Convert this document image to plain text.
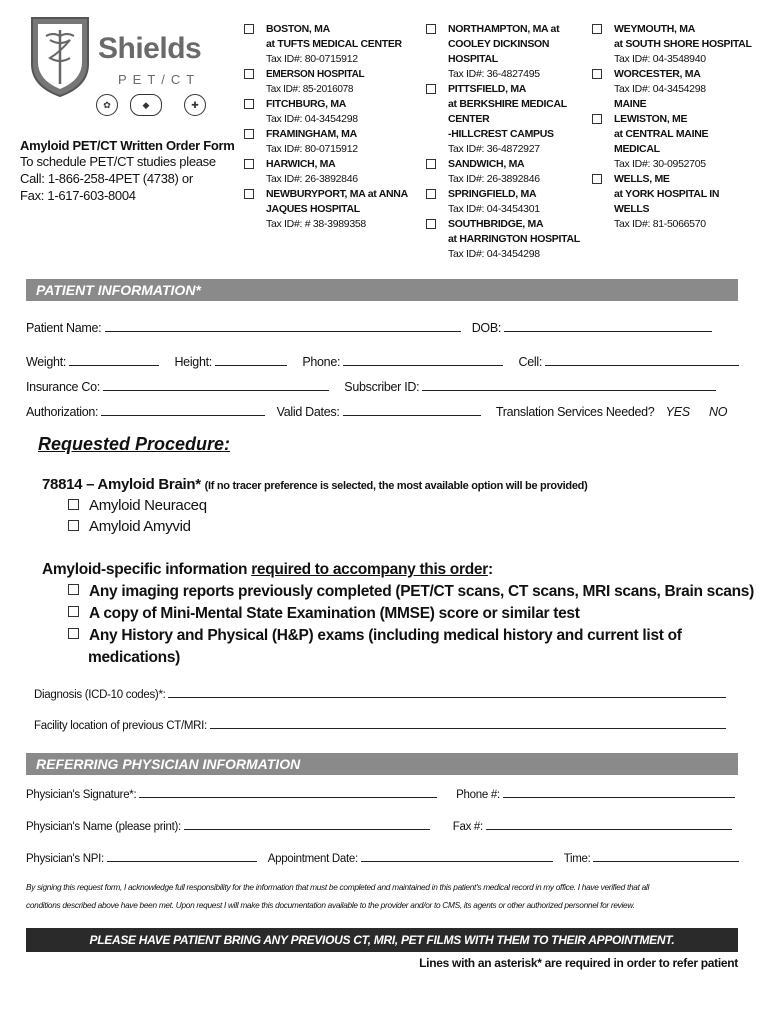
Shields
PET/CT
✿	◆	✚
Amyloid PET/CT Written Order Form
To schedule PET/CT studies please
Call: 1-866-258-4PET (4738) or
Fax: 1-617-603-8004
BOSTON, MA
at TUFTS MEDICAL CENTER
Tax ID#: 80-0715912
EMERSON HOSPITAL
Tax ID#: 85-2016078
FITCHBURG, MA
Tax ID#: 04-3454298
FRAMINGHAM, MA
Tax ID#: 80-0715912
HARWICH, MA
Tax ID#: 26-3892846
NEWBURYPORT, MA at ANNA
JAQUES HOSPITAL
Tax ID#: # 38-3989358
NORTHAMPTON, MA at
COOLEY DICKINSON
HOSPITAL
Tax ID#: 36-4827495
PITTSFIELD, MA
at BERKSHIRE MEDICAL
CENTER
-HILLCREST CAMPUS
Tax ID#: 36-4872927
SANDWICH, MA
Tax ID#: 26-3892846
SPRINGFIELD, MA
Tax ID#: 04-3454301
SOUTHBRIDGE, MA
at HARRINGTON HOSPITAL
Tax ID#: 04-3454298
WEYMOUTH, MA
at SOUTH SHORE HOSPITAL
Tax ID#: 04-3548940
WORCESTER, MA
Tax ID#: 04-3454298
MAINE
LEWISTON, ME
at CENTRAL MAINE
MEDICAL
Tax ID#: 30-0952705
WELLS, ME
at YORK HOSPITAL IN
WELLS
Tax ID#: 81-5066570
PATIENT INFORMATION*
Patient Name:	DOB:
Weight:	Height:	Phone:	Cell:
Insurance Co:	Subscriber ID:
Authorization:	Valid Dates:	Translation Services Needed? YES NO
Requested Procedure:
78814 – Amyloid Brain* (If no tracer preference is selected, the most available option will be provided)
Amyloid Neuraceq
Amyloid Amyvid
Amyloid-specific information required to accompany this order:
Any imaging reports previously completed (PET/CT scans, CT scans, MRI scans, Brain scans)
A copy of Mini-Mental State Examination (MMSE) score or similar test
Any History and Physical (H&P) exams (including medical history and current list of
medications)
Diagnosis (ICD-10 codes)*:
Facility location of previous CT/MRI:
REFERRING PHYSICIAN INFORMATION
Physician's Signature*:	Phone #:
Physician's Name (please print):	Fax #:
Physician's NPI:	Appointment Date:	Time:
By signing this request form, I acknowledge full responsibility for the information that must be completed and maintained in this patient's medical record in my office. I have verified that all
conditions described above have been met. Upon request I will make this documentation available to the provider and/or to CMS, its agents or other authorized personnel for review.
PLEASE HAVE PATIENT BRING ANY PREVIOUS CT, MRI, PET FILMS WITH THEM TO THEIR APPOINTMENT.
Lines with an asterisk* are required in order to refer patient
